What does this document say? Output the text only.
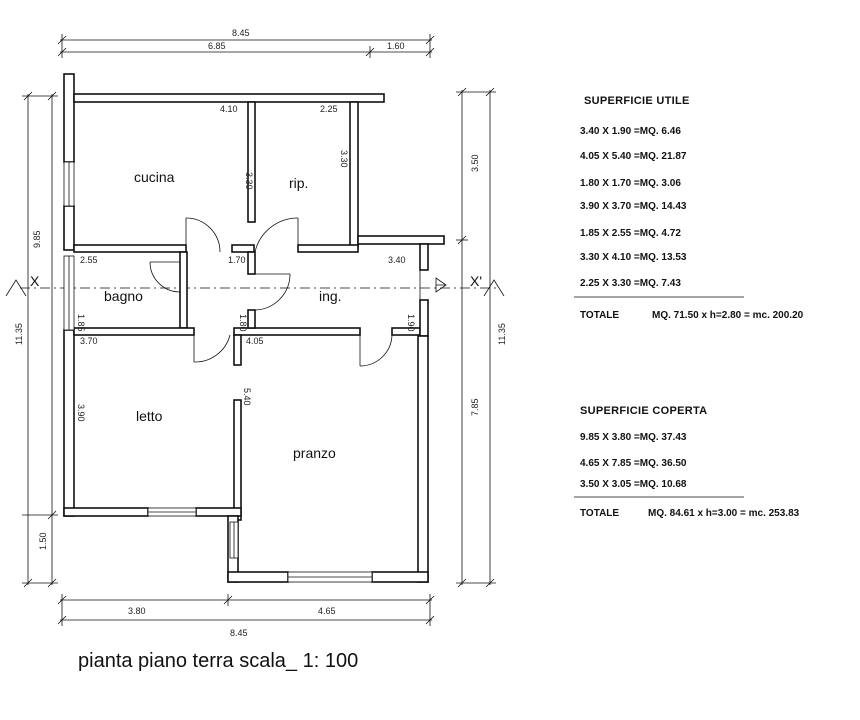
8.45
6.85	1.60
3.80	4.65
8.45
9.85
11.35
1.50
3.50
11.35
7.85
X	X'
cucina	rip.
bagno	ing.
letto
pranzo
4.10
3.30
2.25
3.30
2.55
1.85
1.70
1.80
3.40
1.90
3.70
3.90
4.05
5.40
SUPERFICIE UTILE
3.40 X 1.90 =MQ. 6.46
4.05 X 5.40 =MQ. 21.87
1.80 X 1.70 =MQ. 3.06
3.90 X 3.70 =MQ. 14.43
1.85 X 2.55 =MQ. 4.72
3.30 X 4.10 =MQ. 13.53
2.25 X 3.30 =MQ. 7.43
TOTALE	MQ. 71.50 x h=2.80 = mc. 200.20
SUPERFICIE COPERTA
9.85 X 3.80 =MQ. 37.43
4.65 X 7.85 =MQ. 36.50
3.50 X 3.05 =MQ. 10.68
TOTALE	MQ. 84.61 x h=3.00 = mc. 253.83
pianta piano terra scala_ 1: 100
